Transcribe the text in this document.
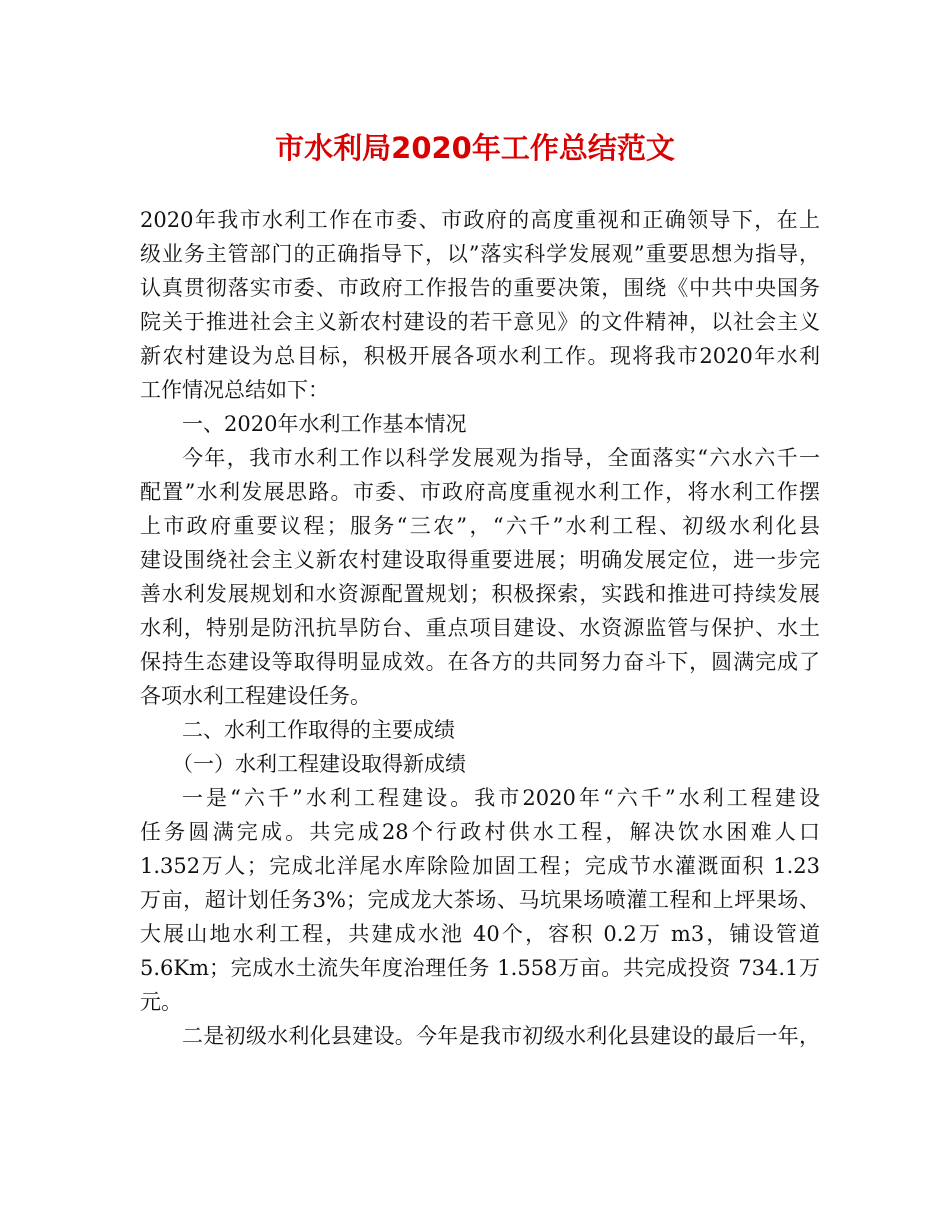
市水利局2020年工作总结范文
2020年我市水利工作在市委、市政府的高度重视和正确领导下，在上
级业务主管部门的正确指导下，以”落实科学发展观”重要思想为指导，
认真贯彻落实市委、市政府工作报告的重要决策，围绕《中共中央国务
院关于推进社会主义新农村建设的若干意见》的文件精神，以社会主义
新农村建设为总目标，积极开展各项水利工作。现将我市2020年水利
工作情况总结如下：
一、2020年水利工作基本情况
今年，我市水利工作以科学发展观为指导，全面落实“六水六千一
配置”水利发展思路。市委、市政府高度重视水利工作，将水利工作摆
上市政府重要议程；服务“三农”，“六千”水利工程、初级水利化县
建设围绕社会主义新农村建设取得重要进展；明确发展定位，进一步完
善水利发展规划和水资源配置规划；积极探索，实践和推进可持续发展
水利，特别是防汛抗旱防台、重点项目建设、水资源监管与保护、水土
保持生态建设等取得明显成效。在各方的共同努力奋斗下，圆满完成了
各项水利工程建设任务。
二、水利工作取得的主要成绩
（一）水利工程建设取得新成绩
一是“六千”水利工程建设。我市2020年“六千”水利工程建设
任务圆满完成。共完成28个行政村供水工程，解决饮水困难人口
1.352万人；完成北洋尾水库除险加固工程；完成节水灌溉面积 1.23
万亩，超计划任务3%；完成龙大茶场、马坑果场喷灌工程和上坪果场、
大展山地水利工程，共建成水池 40个，容积 0.2万 m3，铺设管道
5.6Km；完成水土流失年度治理任务 1.558万亩。共完成投资 734.1万
元。
二是初级水利化县建设。今年是我市初级水利化县建设的最后一年，
